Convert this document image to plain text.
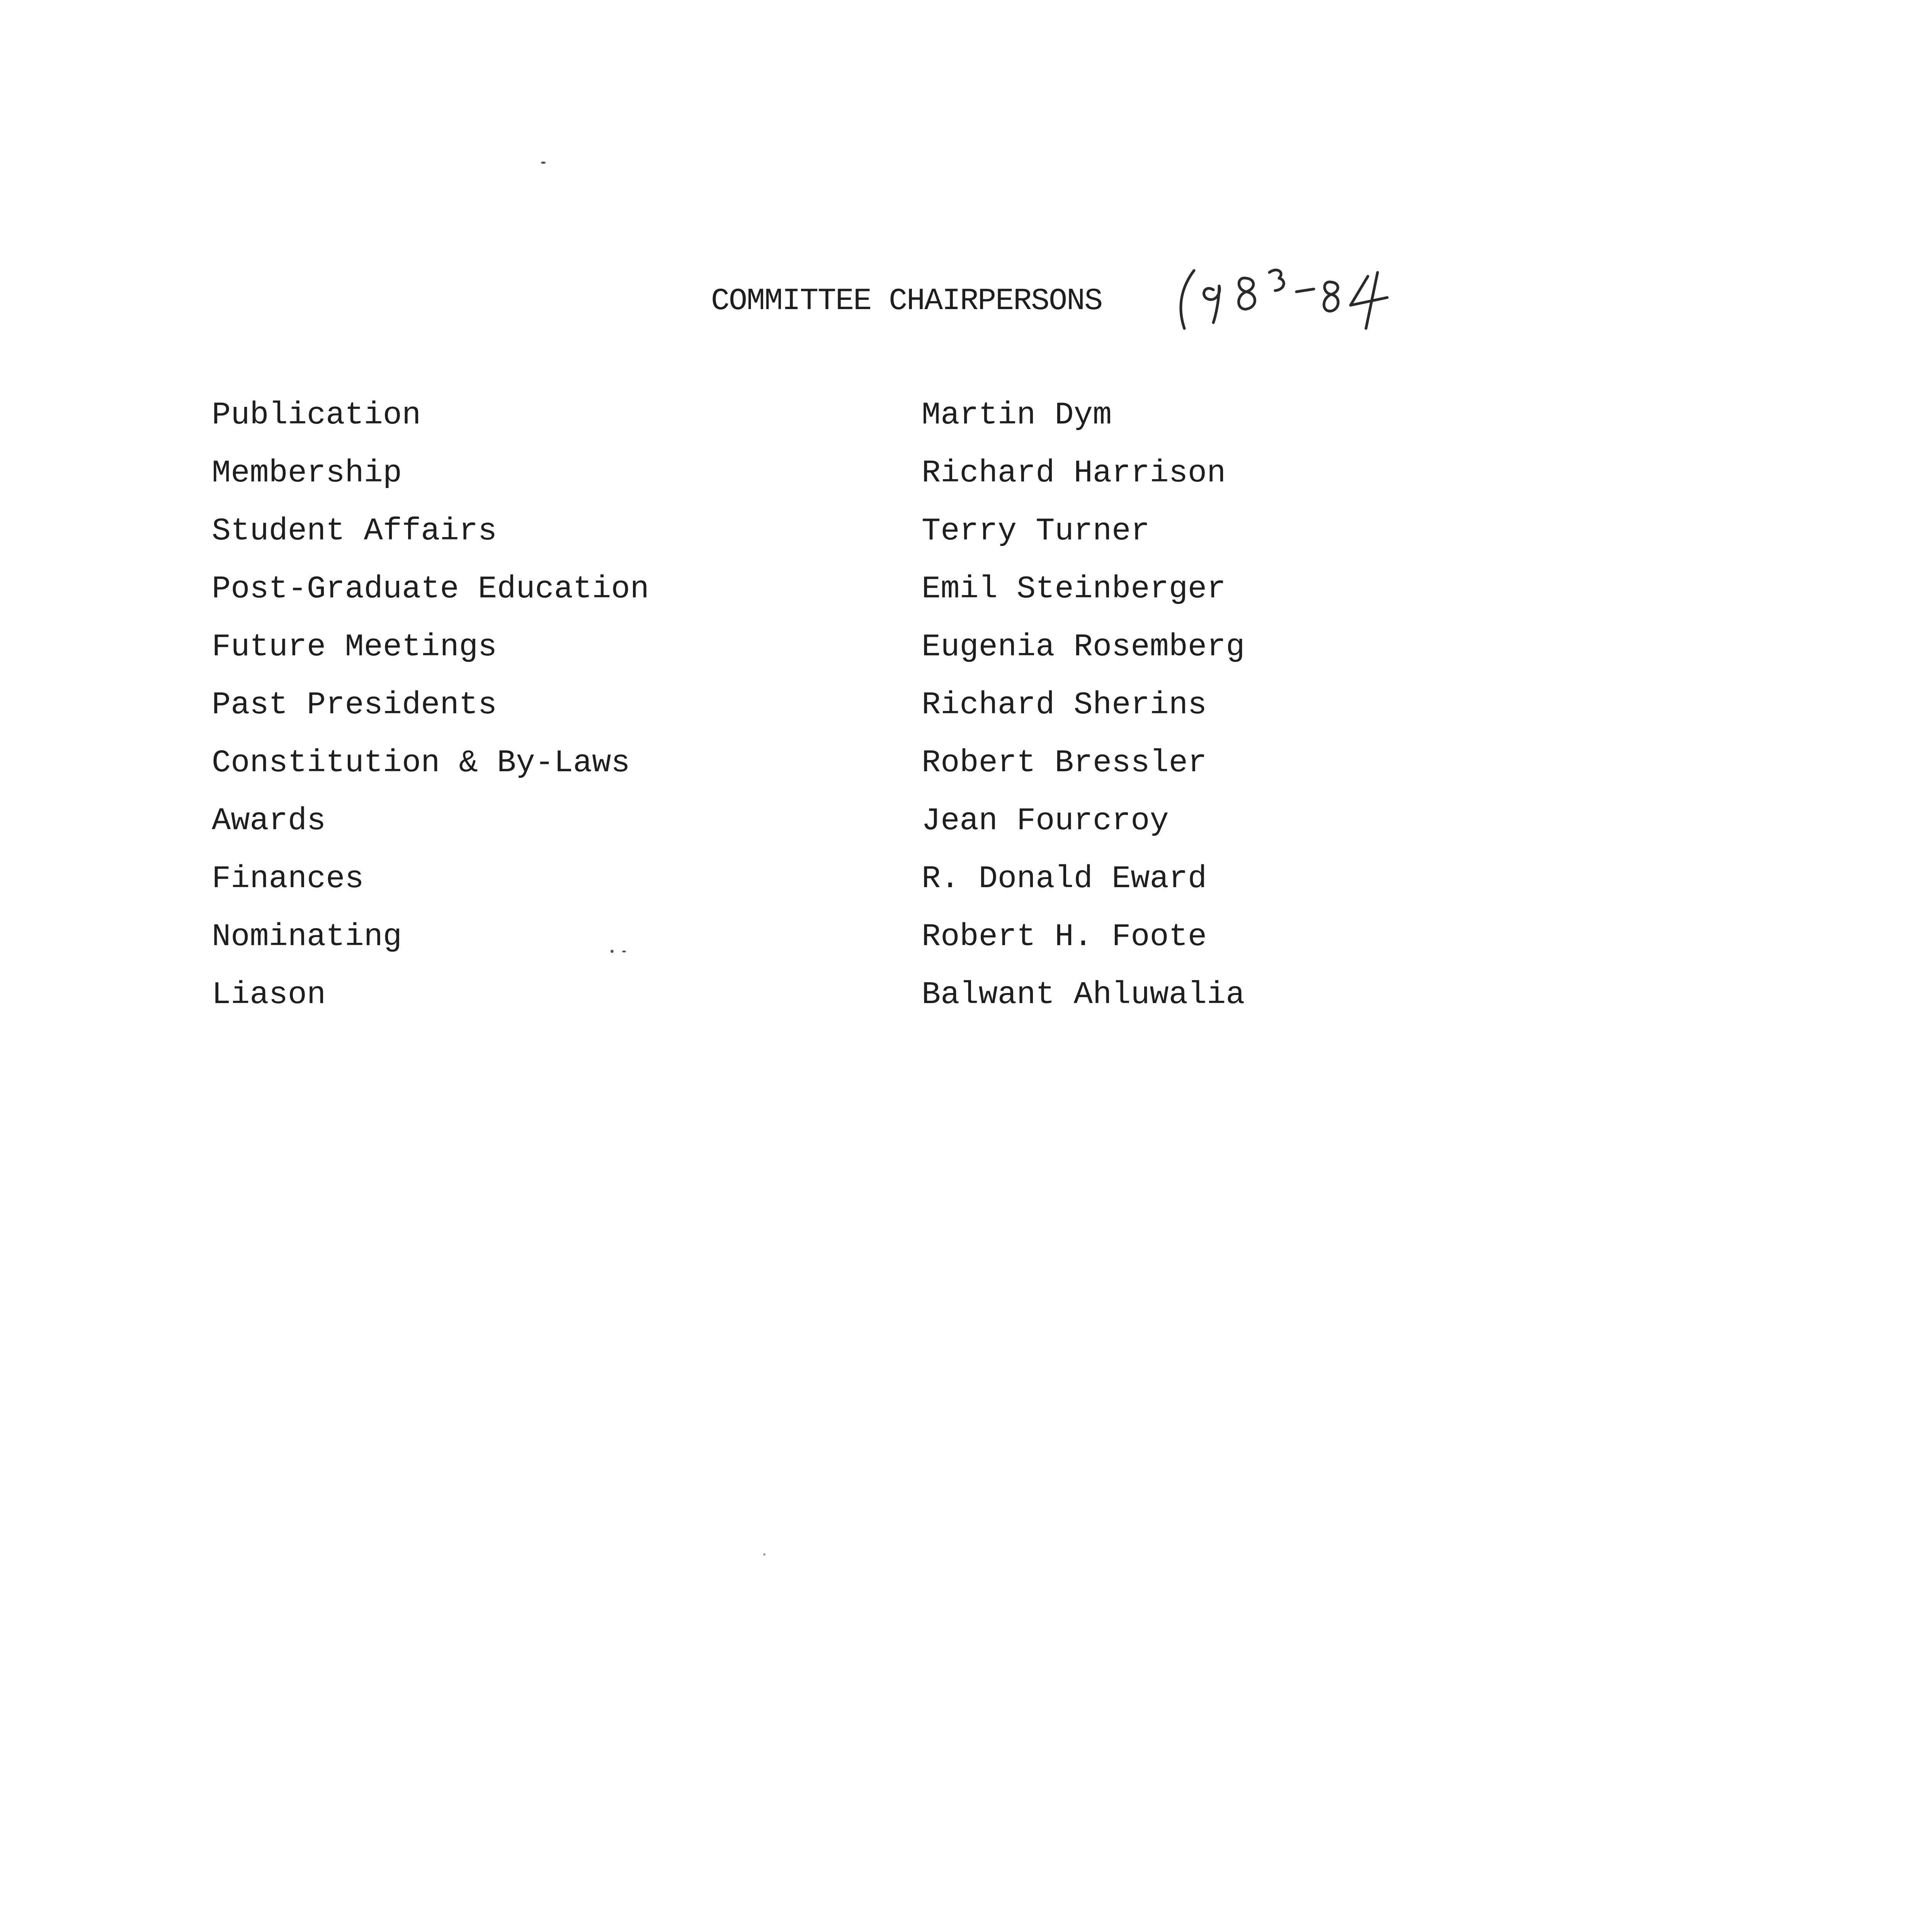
COMMITTEE CHAIRPERSONS
Publication	Martin Dym
Membership	Richard Harrison
Student Affairs	Terry Turner
Post-Graduate Education	Emil Steinberger
Future Meetings	Eugenia Rosemberg
Past Presidents	Richard Sherins
Constitution & By-Laws	Robert Bressler
Awards	Jean Fourcroy
Finances	R. Donald Eward
Nominating	Robert H. Foote
Liason	Balwant Ahluwalia
